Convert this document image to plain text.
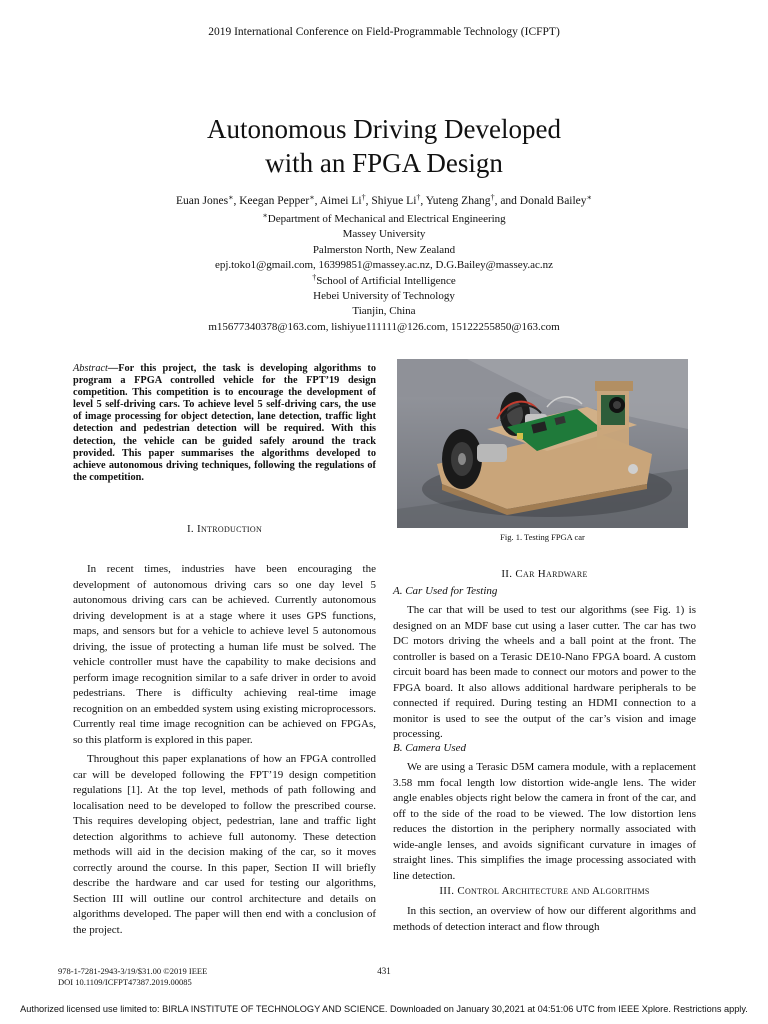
2019 International Conference on Field-Programmable Technology (ICFPT)
Autonomous Driving Developed
with an FPGA Design
Euan Jones∗, Keegan Pepper∗, Aimei Li†, Shiyue Li†, Yuteng Zhang†, and Donald Bailey∗
∗Department of Mechanical and Electrical Engineering
Massey University
Palmerston North, New Zealand
epj.toko1@gmail.com, 16399851@massey.ac.nz, D.G.Bailey@massey.ac.nz
†School of Artificial Intelligence
Hebei University of Technology
Tianjin, China
m15677340378@163.com, lishiyue111111@126.com, 15122255850@163.com
Abstract—For this project, the task is developing algorithms to program a FPGA controlled vehicle for the FPT’19 design competition. This competition is to encourage the development of level 5 self-driving cars. To achieve level 5 self-driving cars, the use of image processing for object detection, lane detection, traffic light detection and pedestrian detection will be required. With this detection, the vehicle can be guided safely around the track provided. This paper summarises the algorithms developed to achieve autonomous driving techniques, following the regulations of the competition.
Fig. 1. Testing FPGA car
I. Introduction

In recent times, industries have been encouraging the development of autonomous driving cars so one day level 5 autonomous driving cars can be achieved. Currently autonomous driving development is at a stage where it uses GPS functions, maps, and sensors but for a vehicle to achieve level 5 autonomous driving, the issue of protecting a human life must be solved. The vehicle controller must have the capability to make decisions and perform image recognition similar to a safe driver in order to avoid pedestrians. There is difficulty achieving real-time image recognition on an embedded system using existing microprocessors. Currently real time image recognition can be achieved on FPGAs, so this platform is explored in this paper.

Throughout this paper explanations of how an FPGA controlled car will be developed following the FPT’19 design competition regulations [1]. At the top level, methods of path following and localisation need to be developed to follow the prescribed course. This requires developing object, pedestrian, lane and traffic light detection algorithms to achieve full autonomy. These detection methods will aid in the decision making of the car, so it moves correctly around the course. In this paper, Section II will briefly describe the hardware and car used for testing our algorithms, Section III will outline our control architecture and details on algorithms developed. The paper will then end with a conclusion of the project.

II. Car Hardware
A. Car Used for Testing

The car that will be used to test our algorithms (see Fig. 1) is designed on an MDF base cut using a laser cutter. The car has two DC motors driving the wheels and a ball point at the front. The controller is based on a Terasic DE10-Nano FPGA board. A custom circuit board has been made to connect our motors and power to the FPGA board. It also allows additional hardware peripherals to be connected if required. During testing an HDMI connection to a monitor is used to see the output of the car’s vision and image processing.

B. Camera Used

We are using a Terasic D5M camera module, with a replacement 3.58 mm focal length low distortion wide-angle lens. The wider angle enables objects right below the camera in front of the car, and off to the side of the road to be viewed. The low distortion lens reduces the distortion in the periphery normally associated with wide-angle lenses, and avoids significant curvature in images of straight lines. This simplifies the image processing associated with line detection.

III. Control Architecture and Algorithms

In this section, an overview of how our different algorithms and methods of detection interact and flow through

978-1-7281-2943-3/19/$31.00 ©2019 IEEE
DOI 10.1109/ICFPT47387.2019.00085
431
Authorized licensed use limited to: BIRLA INSTITUTE OF TECHNOLOGY AND SCIENCE. Downloaded on January 30,2021 at 04:51:06 UTC from IEEE Xplore. Restrictions apply.
